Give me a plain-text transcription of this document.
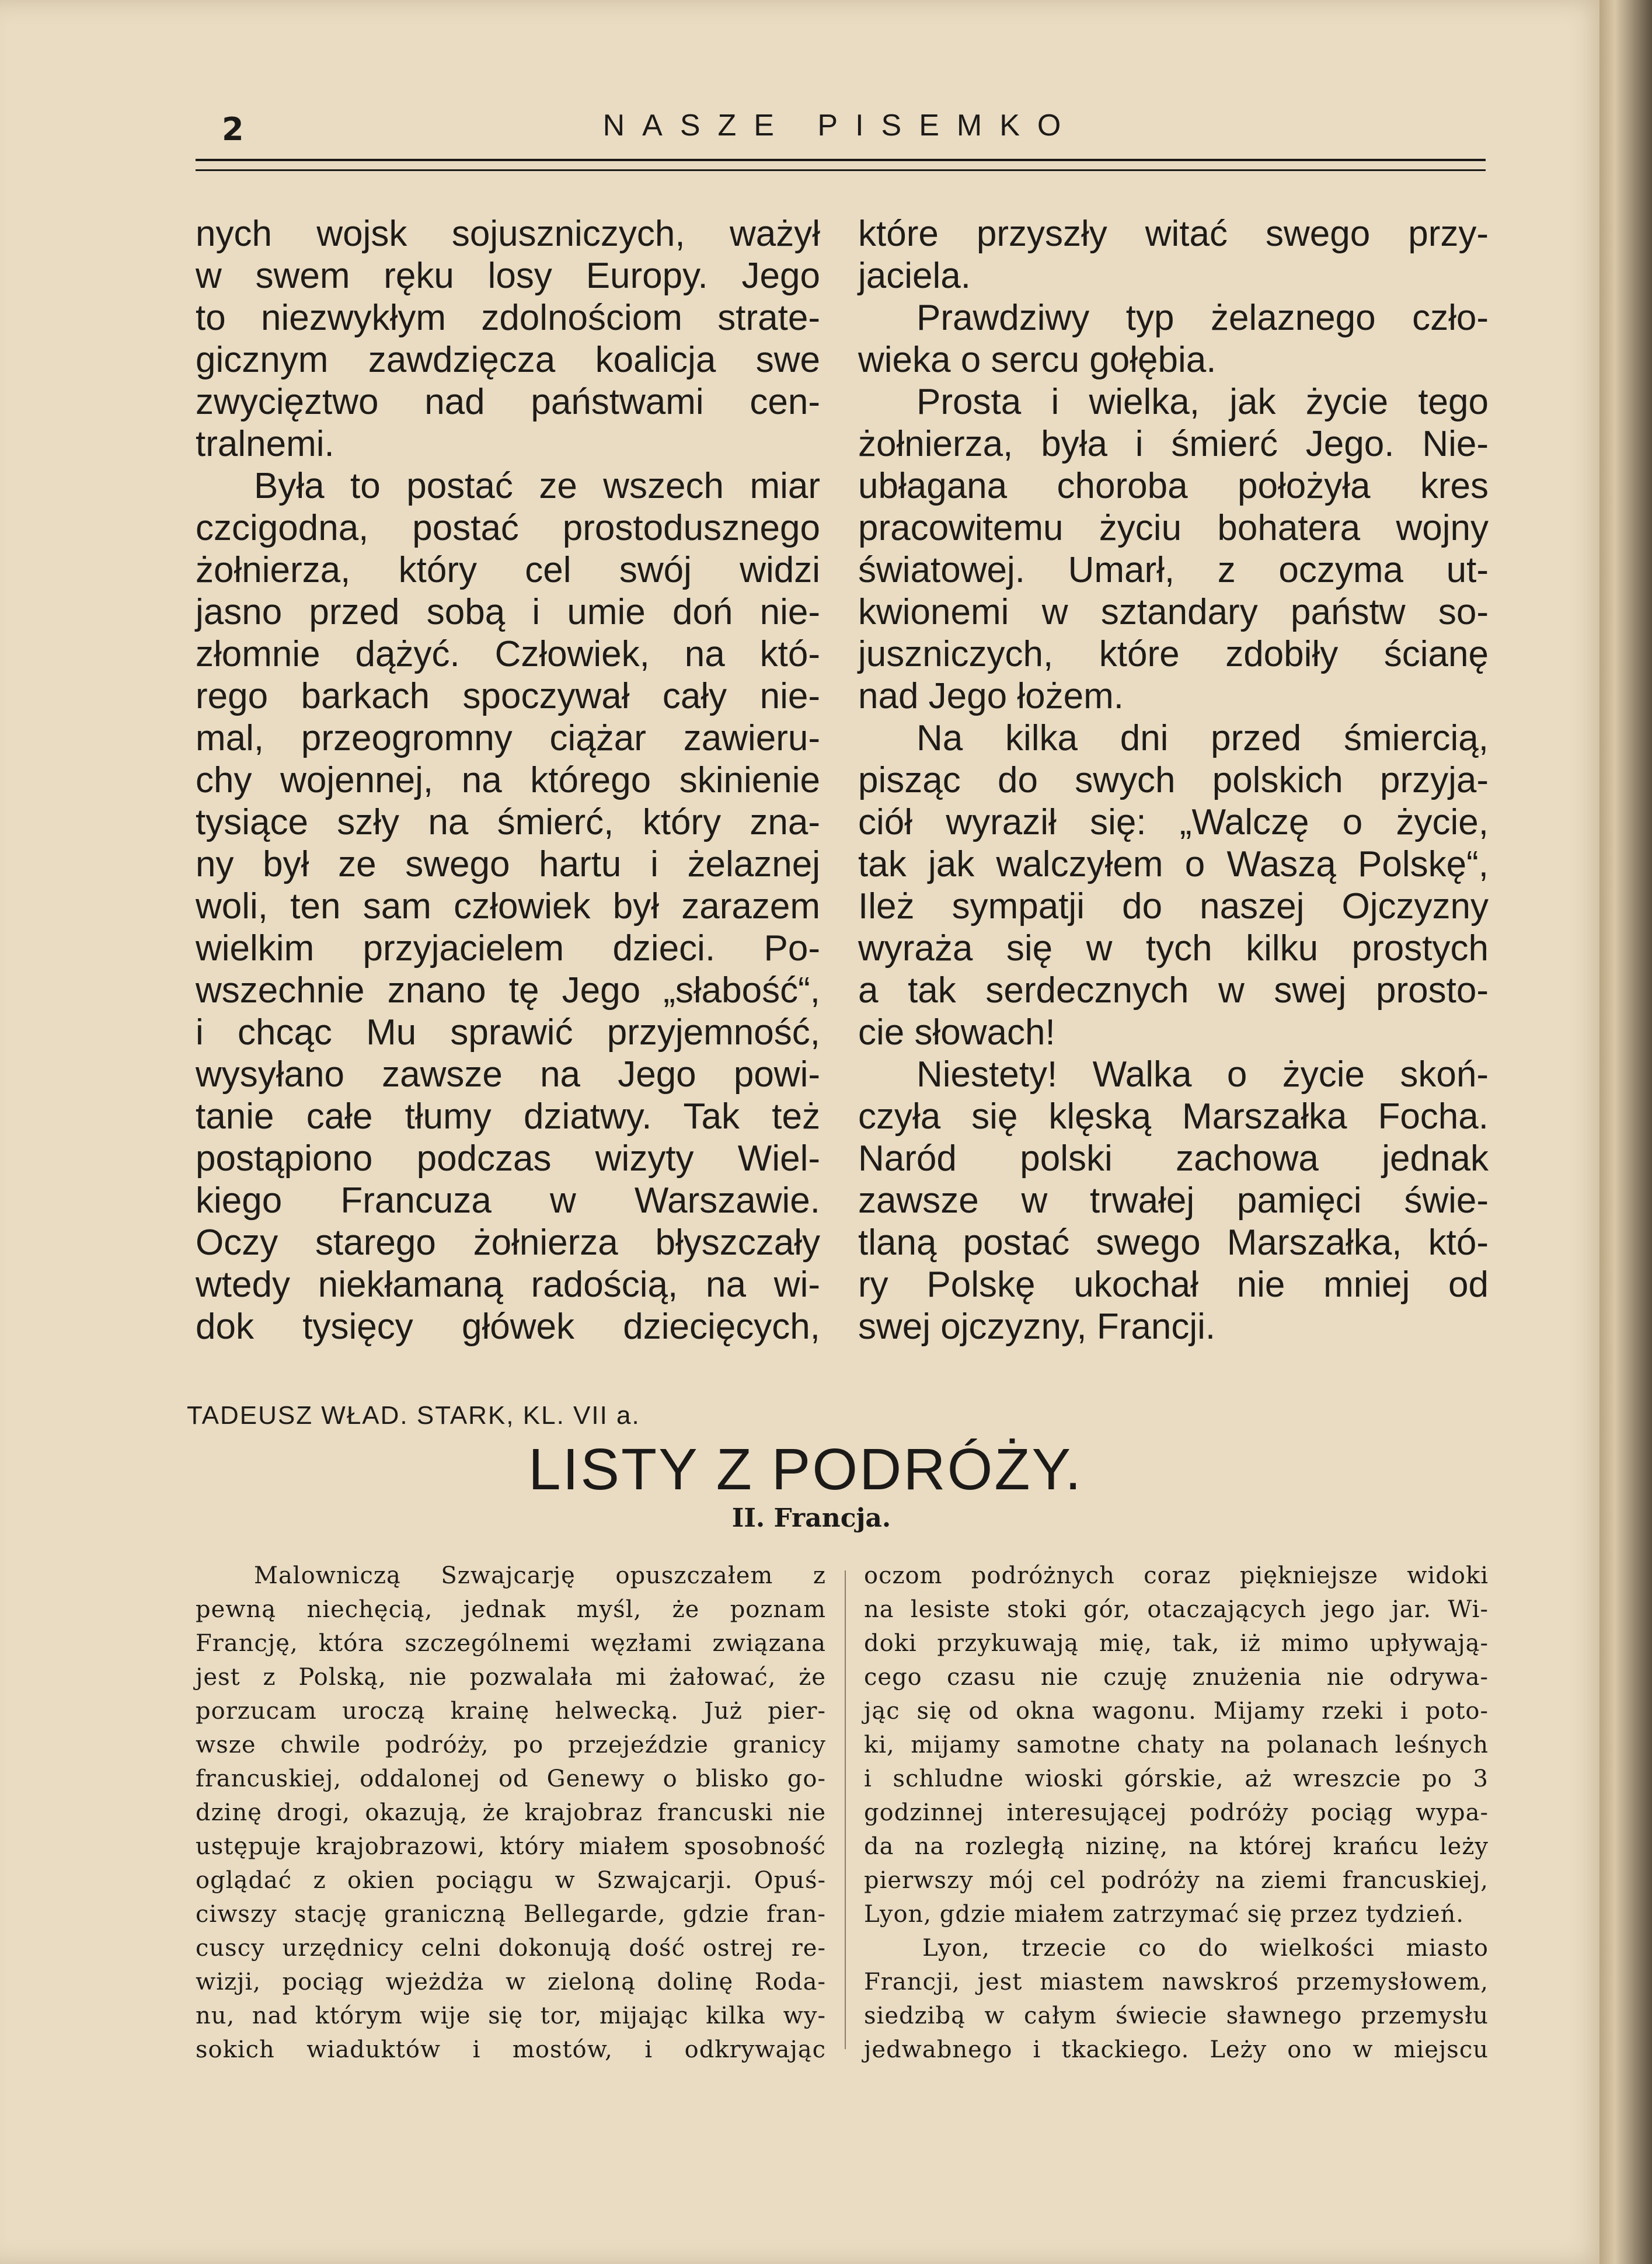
2	NASZE PISEMKO
nych wojsk sojuszniczych, ważył
w swem ręku losy Europy. Jego
to niezwykłym zdolnościom strate-
gicznym zawdzięcza koalicja swe
zwycięztwo nad państwami cen-
tralnemi.
Była to postać ze wszech miar
czcigodna, postać prostodusznego
żołnierza, który cel swój widzi
jasno przed sobą i umie doń nie-
złomnie dążyć. Człowiek, na któ-
rego barkach spoczywał cały nie-
mal, przeogromny ciążar zawieru-
chy wojennej, na którego skinienie
tysiące szły na śmierć, który zna-
ny był ze swego hartu i żelaznej
woli, ten sam człowiek był zarazem
wielkim przyjacielem dzieci. Po-
wszechnie znano tę Jego „słabość“,
i chcąc Mu sprawić przyjemność,
wysyłano zawsze na Jego powi-
tanie całe tłumy dziatwy. Tak też
postąpiono podczas wizyty Wiel-
kiego Francuza w Warszawie.
Oczy starego żołnierza błyszczały
wtedy niekłamaną radością, na wi-
dok tysięcy główek dziecięcych,
które przyszły witać swego przy-
jaciela.
Prawdziwy typ żelaznego czło-
wieka o sercu gołębia.
Prosta i wielka, jak życie tego
żołnierza, była i śmierć Jego. Nie-
ubłagana choroba położyła kres
pracowitemu życiu bohatera wojny
światowej. Umarł, z oczyma ut-
kwionemi w sztandary państw so-
juszniczych, które zdobiły ścianę
nad Jego łożem.
Na kilka dni przed śmiercią,
pisząc do swych polskich przyja-
ciół wyraził się: „Walczę o życie,
tak jak walczyłem o Waszą Polskę“,
Ileż sympatji do naszej Ojczyzny
wyraża się w tych kilku prostych
a tak serdecznych w swej prosto-
cie słowach!
Niestety! Walka o życie skoń-
czyła się klęską Marszałka Focha.
Naród polski zachowa jednak
zawsze w trwałej pamięci świe-
tlaną postać swego Marszałka, któ-
ry Polskę ukochał nie mniej od
swej ojczyzny, Francji.
TADEUSZ WŁAD. STARK, KL. VII a.
LISTY Z PODRÓŻY.
II. Francja.
Malowniczą Szwajcarję opuszczałem z
pewną niechęcią, jednak myśl, że poznam
Francję, która szczególnemi węzłami związana
jest z Polską, nie pozwalała mi żałować, że
porzucam uroczą krainę helwecką. Już pier-
wsze chwile podróży, po przejeździe granicy
francuskiej, oddalonej od Genewy o blisko go-
dzinę drogi, okazują, że krajobraz francuski nie
ustępuje krajobrazowi, który miałem sposobność
oglądać z okien pociągu w Szwajcarji. Opuś-
ciwszy stację graniczną Bellegarde, gdzie fran-
cuscy urzędnicy celni dokonują dość ostrej re-
wizji, pociąg wjeżdża w zieloną dolinę Roda-
nu, nad którym wije się tor, mijając kilka wy-
sokich wiaduktów i mostów, i odkrywając
oczom podróżnych coraz piękniejsze widoki
na lesiste stoki gór, otaczających jego jar. Wi-
doki przykuwają mię, tak, iż mimo upływają-
cego czasu nie czuję znużenia nie odrywa-
jąc się od okna wagonu. Mijamy rzeki i poto-
ki, mijamy samotne chaty na polanach leśnych
i schludne wioski górskie, aż wreszcie po 3
godzinnej interesującej podróży pociąg wypa-
da na rozległą nizinę, na której krańcu leży
pierwszy mój cel podróży na ziemi francuskiej,
Lyon, gdzie miałem zatrzymać się przez tydzień.
Lyon, trzecie co do wielkości miasto
Francji, jest miastem nawskroś przemysłowem,
siedzibą w całym świecie sławnego przemysłu
jedwabnego i tkackiego. Leży ono w miejscu
